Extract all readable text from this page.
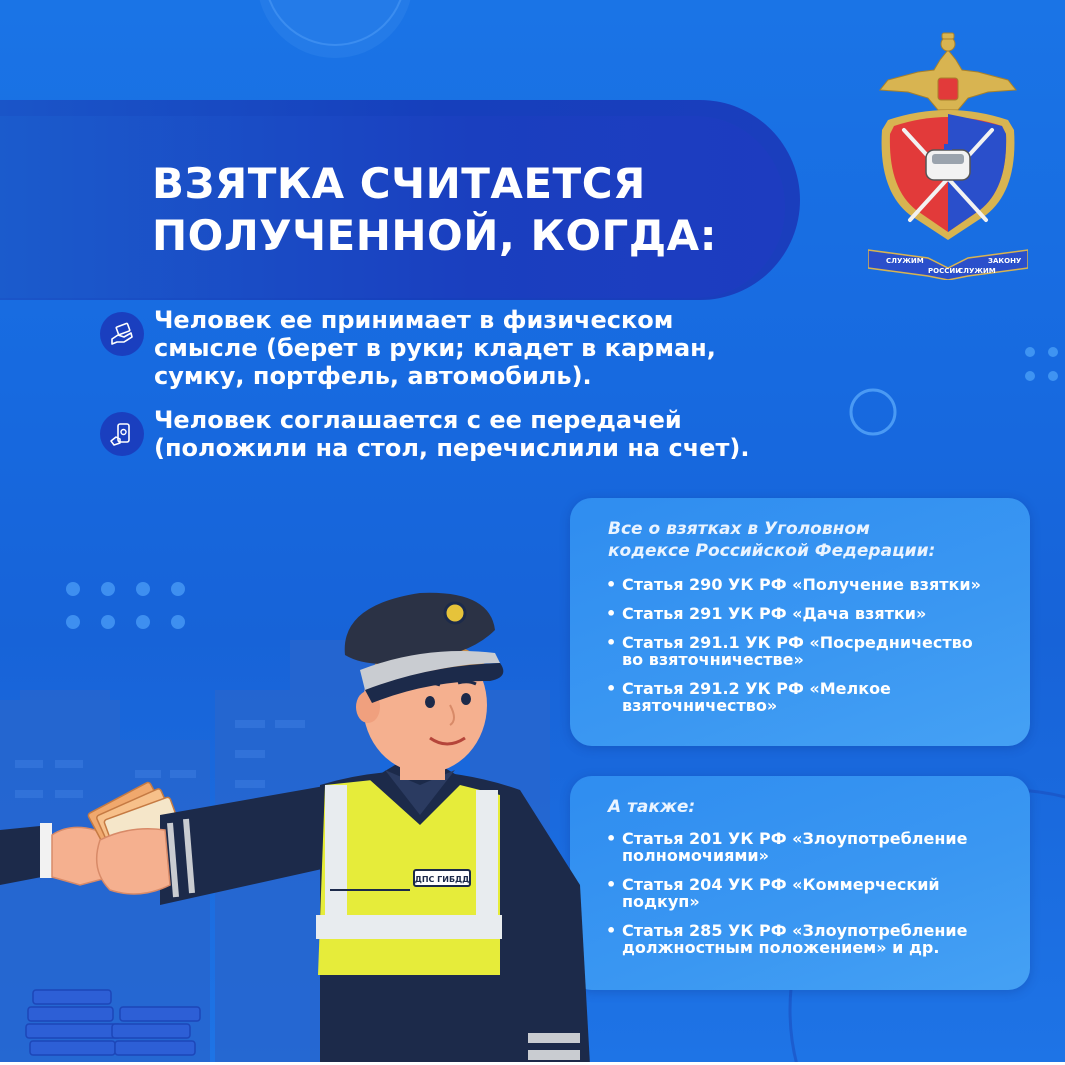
ВЗЯТКА СЧИТАЕТСЯ
ПОЛУЧЕННОЙ, КОГДА:
СЛУЖИМ
РОССИИ
СЛУЖИМ
ЗАКОНУ
Человек ее принимает в физическом
смысле (берет в руки; кладет в карман,
сумку, портфель, автомобиль).
Человек соглашается с ее передачей
(положили на стол, перечислили на счет).
Все о взятках в Уголовном
кодексе Российской Федерации:
• Статья 290 УК РФ «Получение взятки»
• Статья 291 УК РФ «Дача взятки»
• Статья 291.1 УК РФ «Посредничество
во взяточничестве»
• Статья 291.2 УК РФ «Мелкое
взяточничество»
А также:
• Статья 201 УК РФ «Злоупотребление
полномочиями»
• Статья 204 УК РФ «Коммерческий
подкуп»
• Статья 285 УК РФ «Злоупотребление
должностным положением» и др.
ДПС ГИБДД
